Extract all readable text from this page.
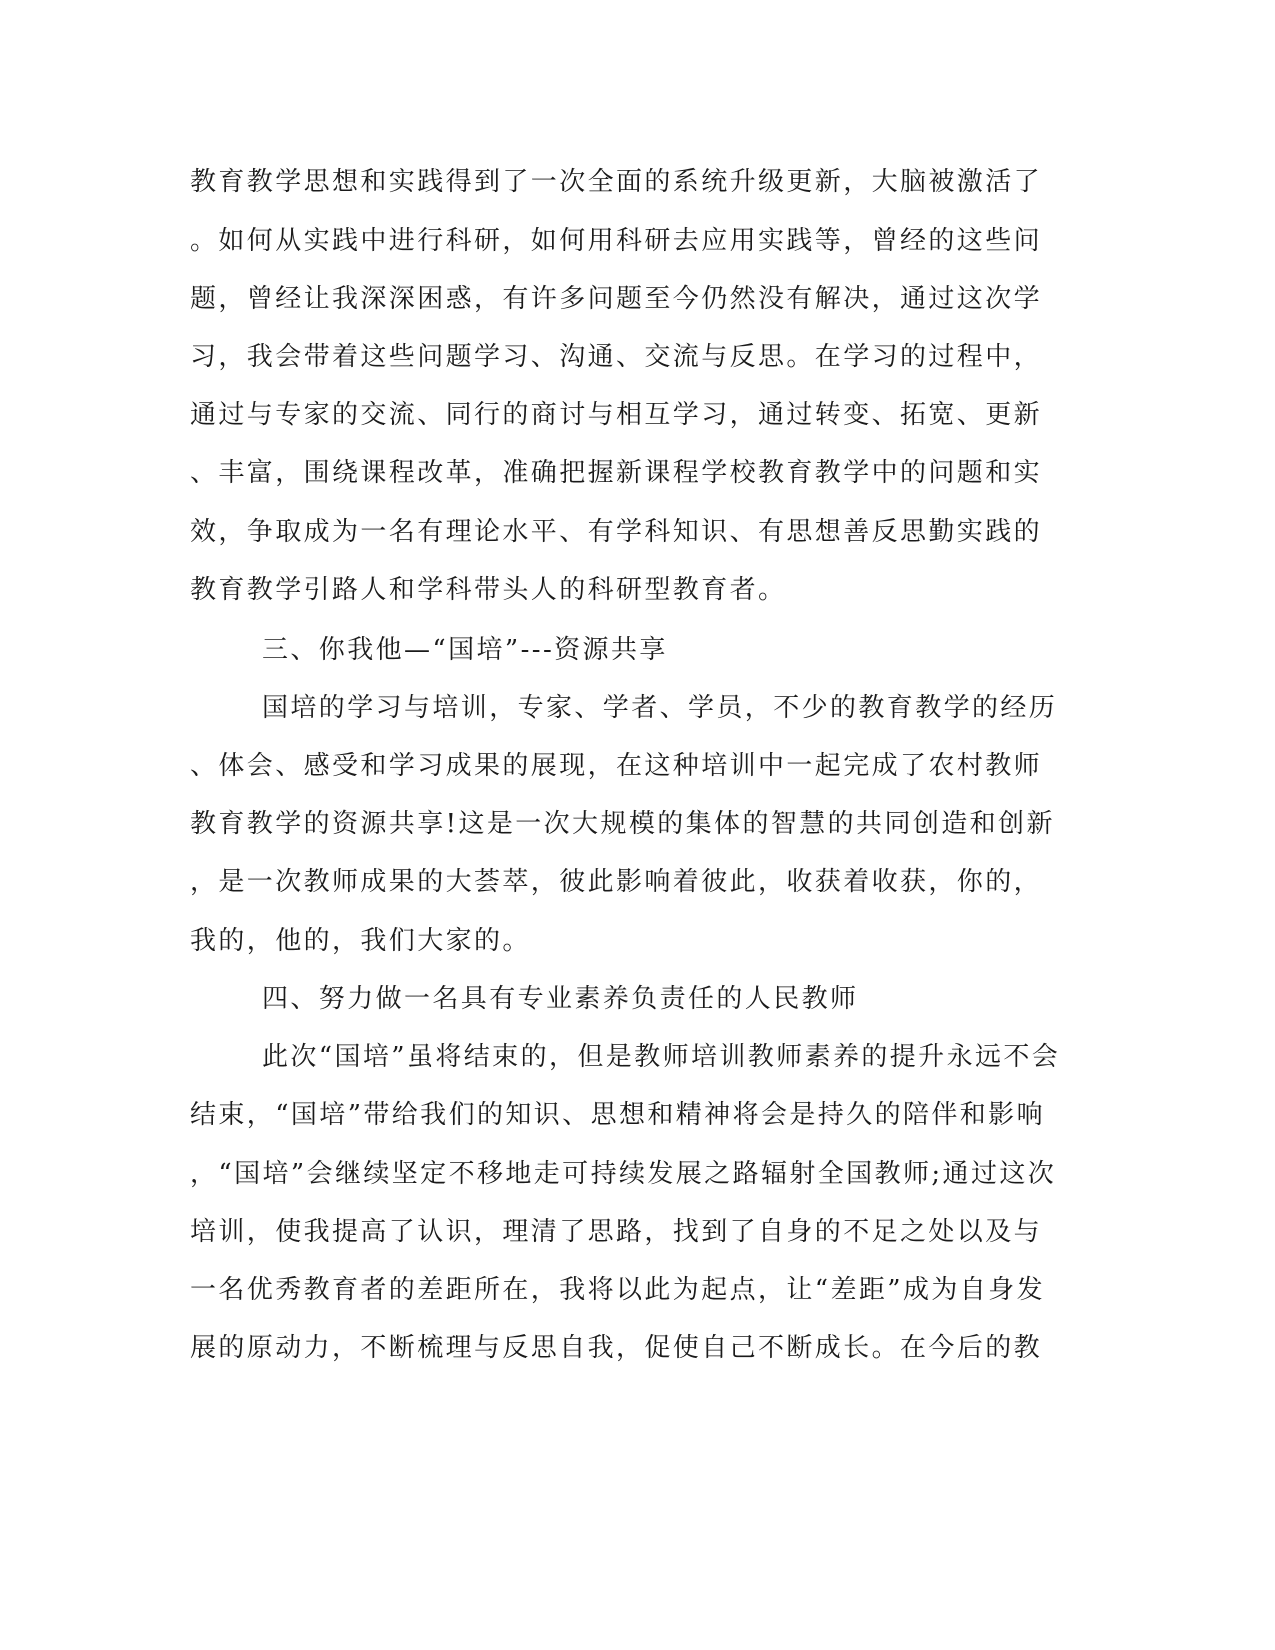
教育教学思想和实践得到了一次全面的系统升级更新，大脑被激活了
。如何从实践中进行科研，如何用科研去应用实践等，曾经的这些问
题，曾经让我深深困惑，有许多问题至今仍然没有解决，通过这次学
习，我会带着这些问题学习、沟通、交流与反思。在学习的过程中，
通过与专家的交流、同行的商讨与相互学习，通过转变、拓宽、更新
、丰富，围绕课程改革，准确把握新课程学校教育教学中的问题和实
效，争取成为一名有理论水平、有学科知识、有思想善反思勤实践的
教育教学引路人和学科带头人的科研型教育者。
三、你我他—“国培”---资源共享
国培的学习与培训，专家、学者、学员，不少的教育教学的经历
、体会、感受和学习成果的展现，在这种培训中一起完成了农村教师
教育教学的资源共享!这是一次大规模的集体的智慧的共同创造和创新
，是一次教师成果的大荟萃，彼此影响着彼此，收获着收获，你的，
我的，他的，我们大家的。
四、努力做一名具有专业素养负责任的人民教师
此次“国培”虽将结束的，但是教师培训教师素养的提升永远不会
结束，“国培”带给我们的知识、思想和精神将会是持久的陪伴和影响
，“国培”会继续坚定不移地走可持续发展之路辐射全国教师;通过这次
培训，使我提高了认识，理清了思路，找到了自身的不足之处以及与
一名优秀教育者的差距所在，我将以此为起点，让“差距”成为自身发
展的原动力，不断梳理与反思自我，促使自己不断成长。在今后的教
